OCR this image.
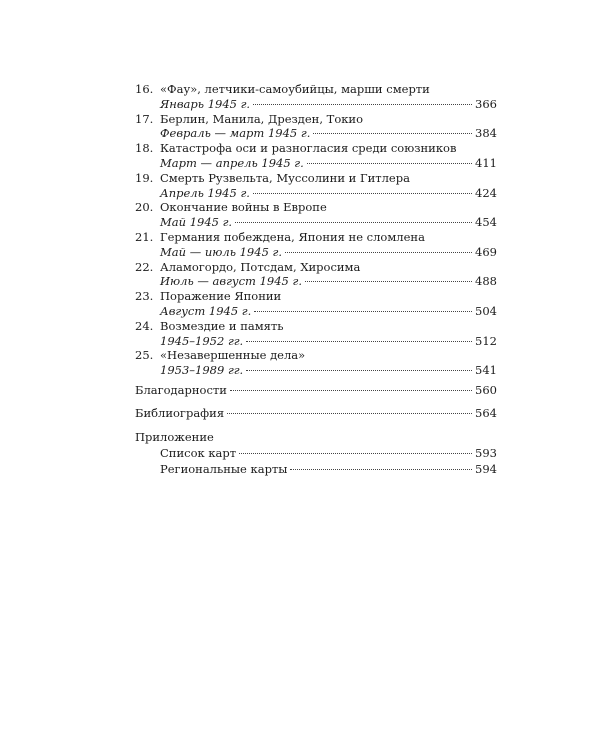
16. «Фау», летчики-самоубийцы, марши смерти
Январь 1945 г.	366
17. Берлин, Манила, Дрезден, Токио
Февраль — март 1945 г.	384
18. Катастрофа оси и разногласия среди союзников
Март — апрель 1945 г.	411
19. Смерть Рузвельта, Муссолини и Гитлера
Апрель 1945 г.	424
20. Окончание войны в Европе
Май 1945 г.	454
21. Германия побеждена, Япония не сломлена
Май — июль 1945 г.	469
22. Аламогордо, Потсдам, Хиросима
Июль — август 1945 г.	488
23. Поражение Японии
Август 1945 г.	504
24. Возмездие и память
1945–1952 гг.	512
25. «Незавершенные дела»
1953–1989 гг.	541
Благодарности	560
Библиография	564
Приложение
Список карт	593
Региональные карты	594
